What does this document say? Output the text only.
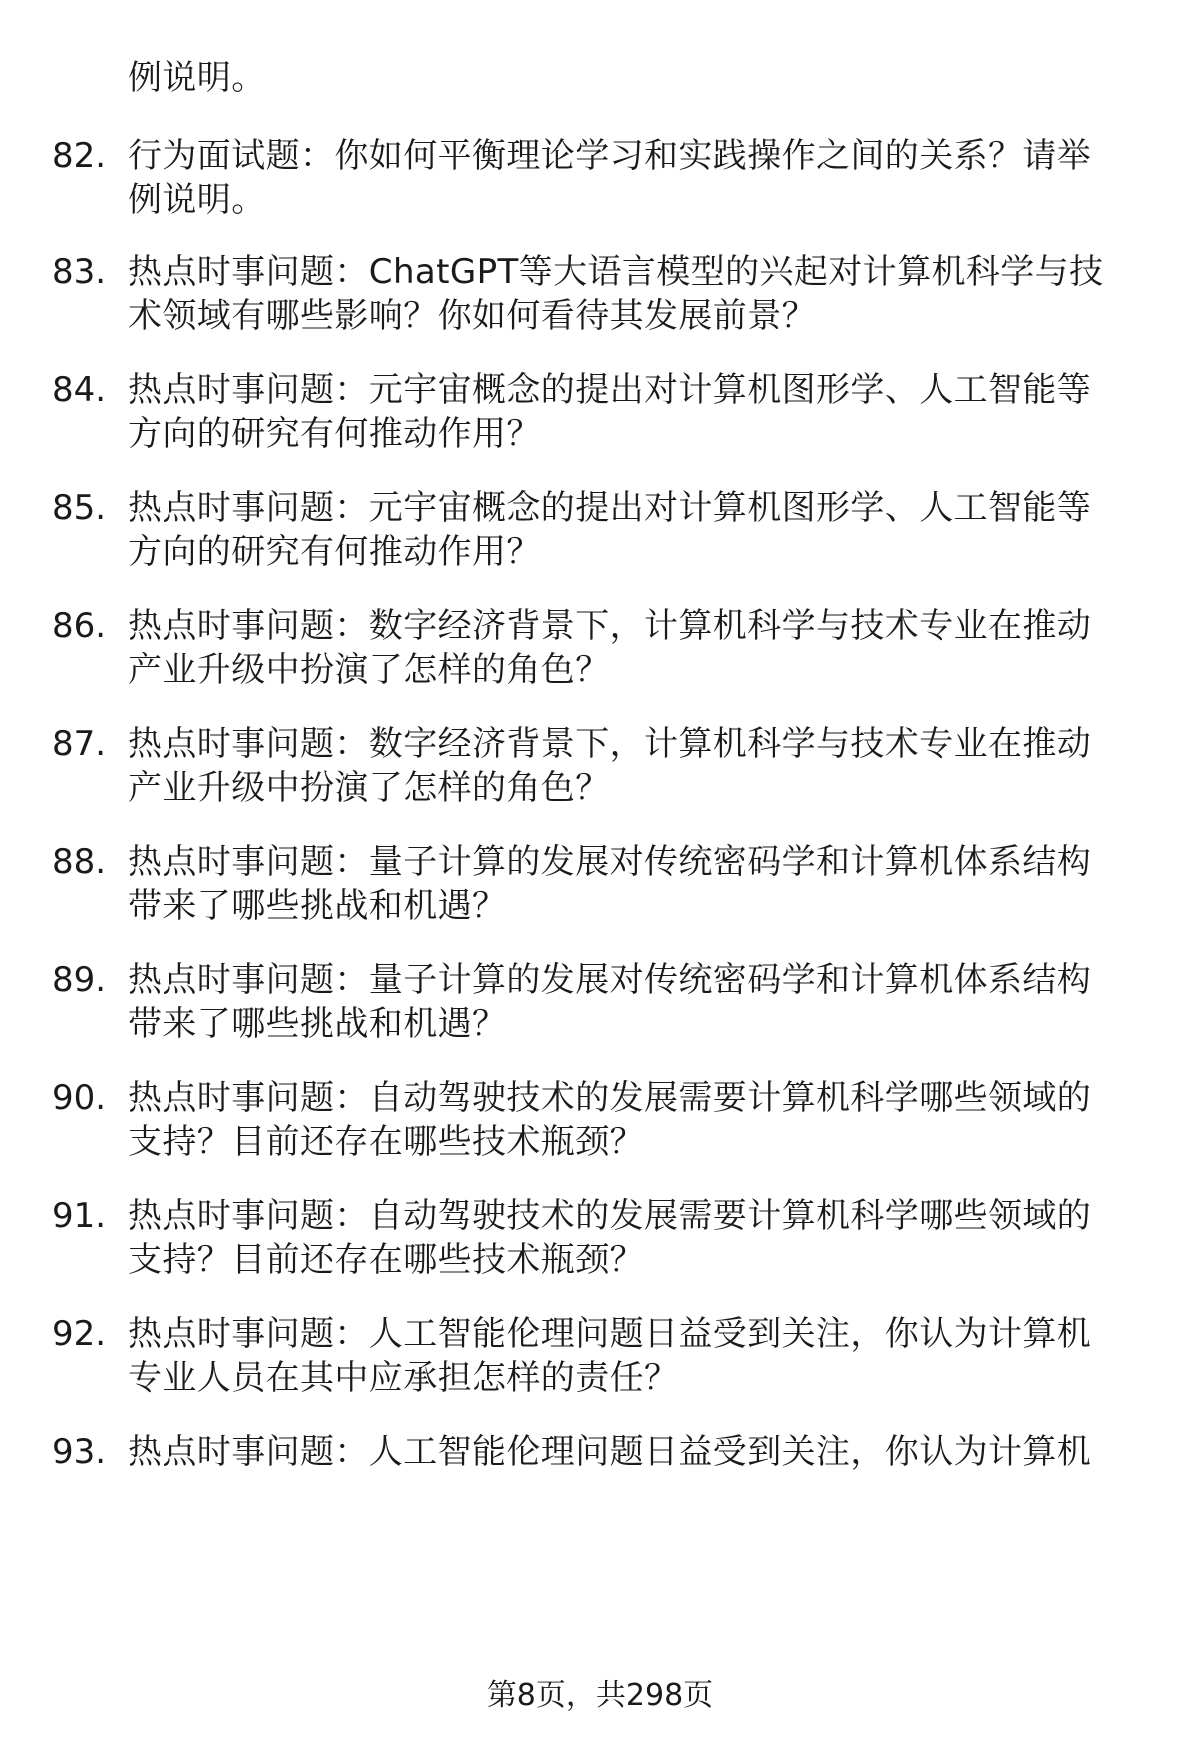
例说明。
82. 行为面试题：你如何平衡理论学习和实践操作之间的关系？请举
例说明。
83. 热点时事问题：ChatGPT等大语言模型的兴起对计算机科学与技
术领域有哪些影响？你如何看待其发展前景？
84. 热点时事问题：元宇宙概念的提出对计算机图形学、人工智能等
方向的研究有何推动作用？
85. 热点时事问题：元宇宙概念的提出对计算机图形学、人工智能等
方向的研究有何推动作用？
86. 热点时事问题：数字经济背景下，计算机科学与技术专业在推动
产业升级中扮演了怎样的角色？
87. 热点时事问题：数字经济背景下，计算机科学与技术专业在推动
产业升级中扮演了怎样的角色？
88. 热点时事问题：量子计算的发展对传统密码学和计算机体系结构
带来了哪些挑战和机遇？
89. 热点时事问题：量子计算的发展对传统密码学和计算机体系结构
带来了哪些挑战和机遇？
90. 热点时事问题：自动驾驶技术的发展需要计算机科学哪些领域的
支持？目前还存在哪些技术瓶颈？
91. 热点时事问题：自动驾驶技术的发展需要计算机科学哪些领域的
支持？目前还存在哪些技术瓶颈？
92. 热点时事问题：人工智能伦理问题日益受到关注，你认为计算机
专业人员在其中应承担怎样的责任？
93. 热点时事问题：人工智能伦理问题日益受到关注，你认为计算机
第8页，共298页
